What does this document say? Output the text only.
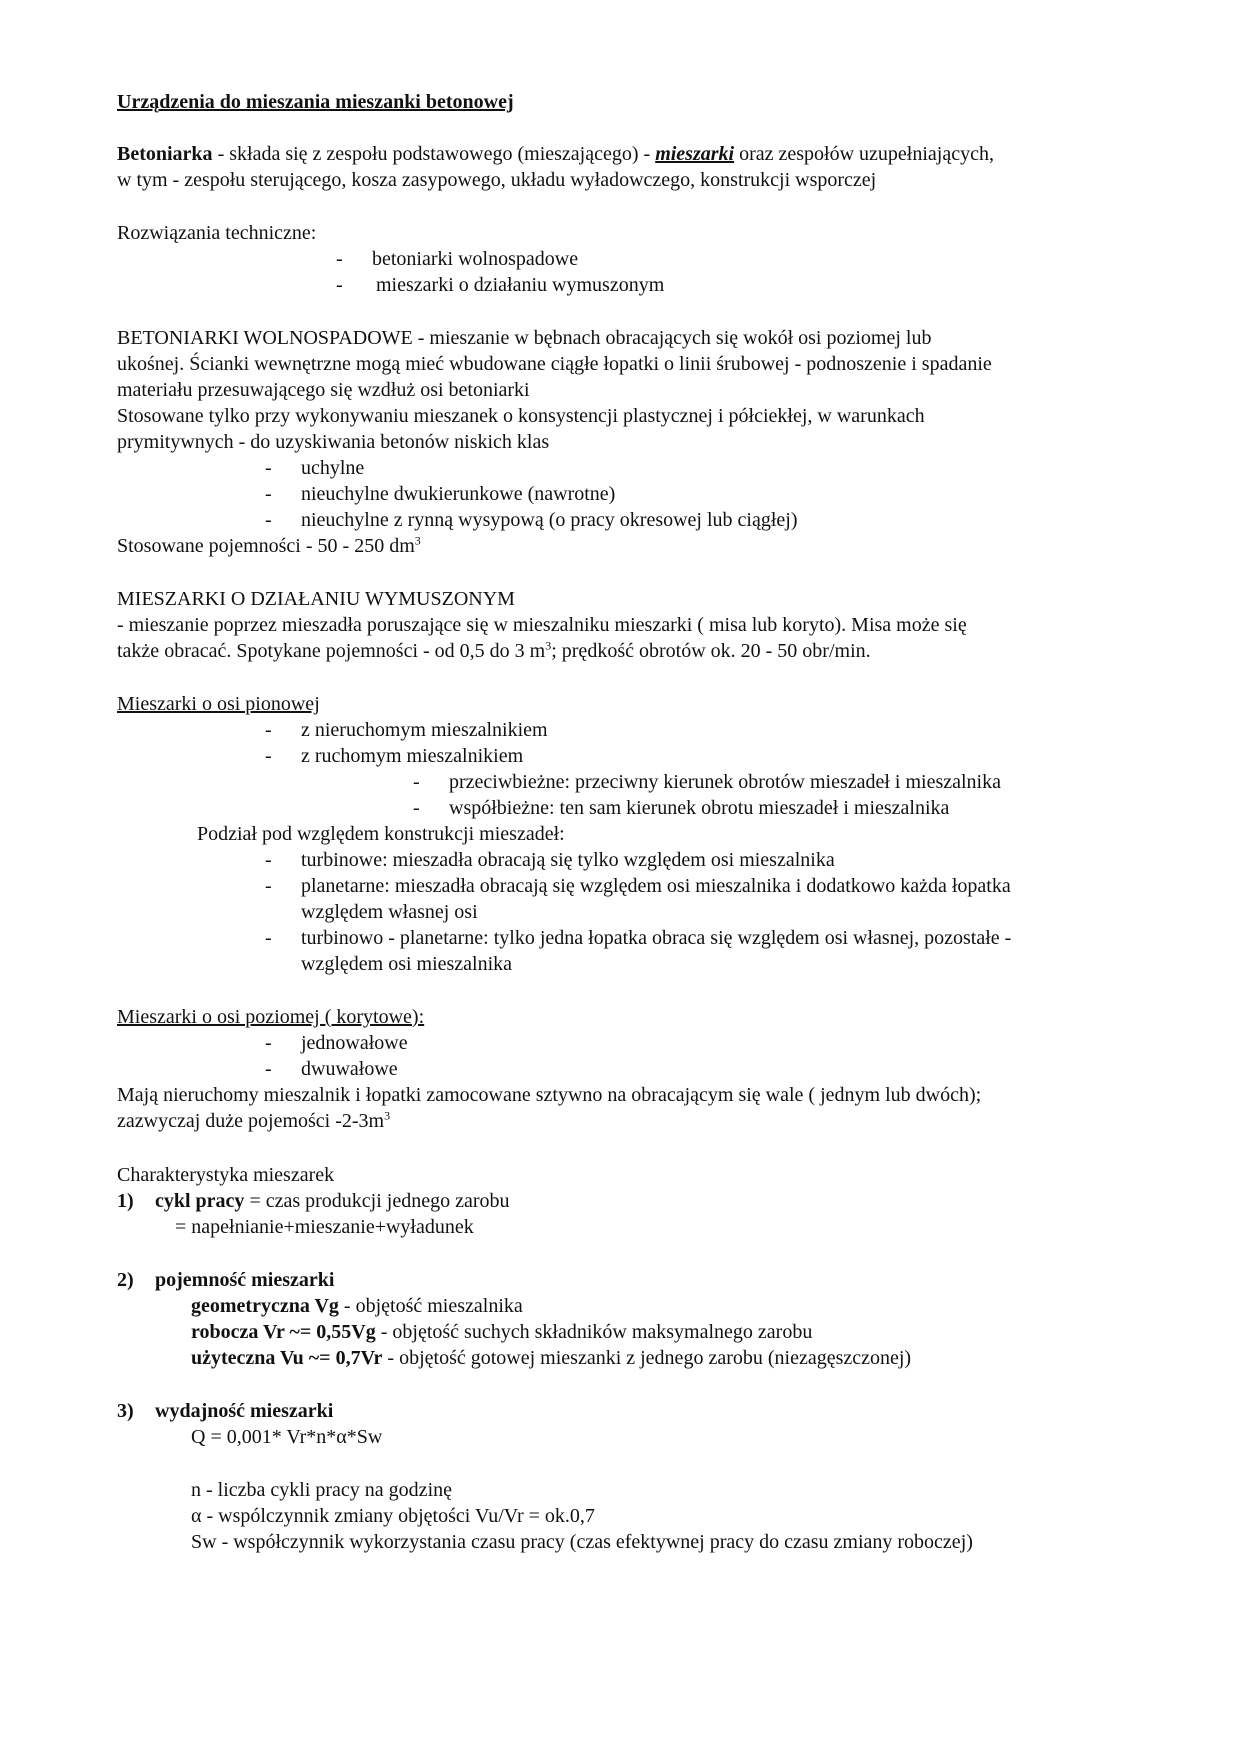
Urządzenia do mieszania mieszanki betonowej
Betoniarka - składa się z zespołu podstawowego (mieszającego) - mieszarki oraz zespołów uzupełniających,
w tym - zespołu sterującego, kosza zasypowego, układu wyładowczego, konstrukcji wsporczej
Rozwiązania techniczne:
- betoniarki wolnospadowe
- mieszarki o działaniu wymuszonym
BETONIARKI WOLNOSPADOWE - mieszanie w bębnach obracających się wokół osi poziomej lub
ukośnej. Ścianki wewnętrzne mogą mieć wbudowane ciągłe łopatki o linii śrubowej - podnoszenie i spadanie
materiału przesuwającego się wzdłuż osi betoniarki
Stosowane tylko przy wykonywaniu mieszanek o konsystencji plastycznej i półciekłej, w warunkach
prymitywnych - do uzyskiwania betonów niskich klas
- uchylne
- nieuchylne dwukierunkowe (nawrotne)
- nieuchylne z rynną wysypową (o pracy okresowej lub ciągłej)
Stosowane pojemności - 50 - 250 $dm^3$
MIESZARKI O DZIAŁANIU WYMUSZONYM
- mieszanie poprzez mieszadła poruszające się w mieszalniku mieszarki ( misa lub koryto). Misa może się
także obracać. Spotykane pojemności - od 0,5 do 3 $m^3$; prędkość obrotów ok. 20 - 50 obr/min.
Mieszarki o osi pionowej
- z nieruchomym mieszalnikiem
- z ruchomym mieszalnikiem
- przeciwbieżne: przeciwny kierunek obrotów mieszadeł i mieszalnika
- współbieżne: ten sam kierunek obrotu mieszadeł i mieszalnika
Podział pod względem konstrukcji mieszadeł:
- turbinowe: mieszadła obracają się tylko względem osi mieszalnika
- planetarne: mieszadła obracają się względem osi mieszalnika i dodatkowo każda łopatka
względem własnej osi
- turbinowo - planetarne: tylko jedna łopatka obraca się względem osi własnej, pozostałe -
względem osi mieszalnika
Mieszarki o osi poziomej ( korytowe):
- jednowałowe
- dwuwałowe
Mają nieruchomy mieszalnik i łopatki zamocowane sztywno na obracającym się wale ( jednym lub dwóch);
zazwyczaj duże pojemości $-2-3m^3$
Charakterystyka mieszarek
1) cykl pracy = czas produkcji jednego zarobu
= napełnianie+mieszanie+wyładunek
2) pojemność mieszarki
geometryczna Vg - objętość mieszalnika
robocza Vr ~= 0,55Vg - objętość suchych składników maksymalnego zarobu
użyteczna Vu ~= 0,7Vr - objętość gotowej mieszanki z jednego zarobu (niezagęszczonej)
3) wydajność mieszarki
Q = 0,001* Vr*n*α*Sw
n - liczba cykli pracy na godzinę
α - wspólczynnik zmiany objętości Vu/Vr = ok.0,7
Sw - współczynnik wykorzystania czasu pracy (czas efektywnej pracy do czasu zmiany roboczej)
